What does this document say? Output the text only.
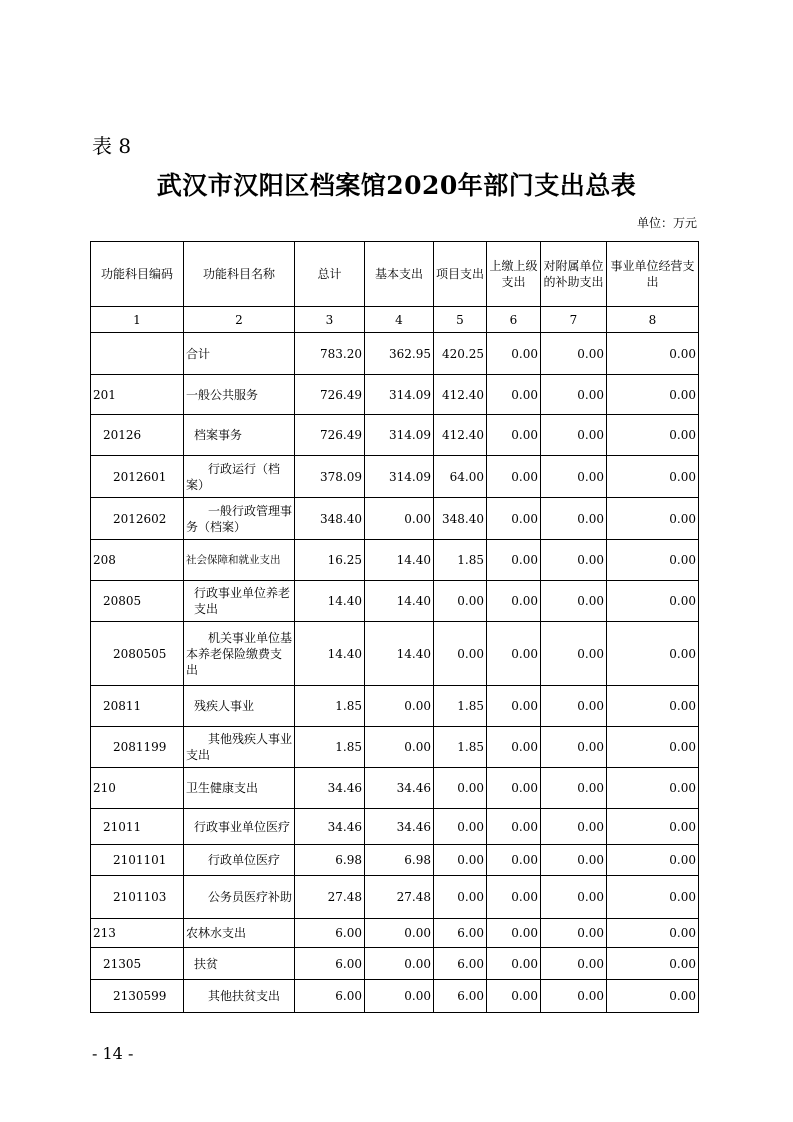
表 8
武汉市汉阳区档案馆2020年部门支出总表
单位：万元
功能科目编码	功能科目名称	总计	基本支出	项目支出	上缴上级支出	对附属单位的补助支出	事业单位经营支出
1	2	3	4	5	6	7	8
	合计	783.20	362.95	420.25	0.00	0.00	0.00
201	一般公共服务	726.49	314.09	412.40	0.00	0.00	0.00
20126	档案事务	726.49	314.09	412.40	0.00	0.00	0.00
2012601	行政运行（档案）	378.09	314.09	64.00	0.00	0.00	0.00
2012602	一般行政管理事务（档案）	348.40	0.00	348.40	0.00	0.00	0.00
208	社会保障和就业支出	16.25	14.40	1.85	0.00	0.00	0.00
20805	行政事业单位养老支出	14.40	14.40	0.00	0.00	0.00	0.00
2080505	机关事业单位基本养老保险缴费支出	14.40	14.40	0.00	0.00	0.00	0.00
20811	残疾人事业	1.85	0.00	1.85	0.00	0.00	0.00
2081199	其他残疾人事业支出	1.85	0.00	1.85	0.00	0.00	0.00
210	卫生健康支出	34.46	34.46	0.00	0.00	0.00	0.00
21011	行政事业单位医疗	34.46	34.46	0.00	0.00	0.00	0.00
2101101	行政单位医疗	6.98	6.98	0.00	0.00	0.00	0.00
2101103	公务员医疗补助	27.48	27.48	0.00	0.00	0.00	0.00
213	农林水支出	6.00	0.00	6.00	0.00	0.00	0.00
21305	扶贫	6.00	0.00	6.00	0.00	0.00	0.00
2130599	其他扶贫支出	6.00	0.00	6.00	0.00	0.00	0.00
- 14 -
